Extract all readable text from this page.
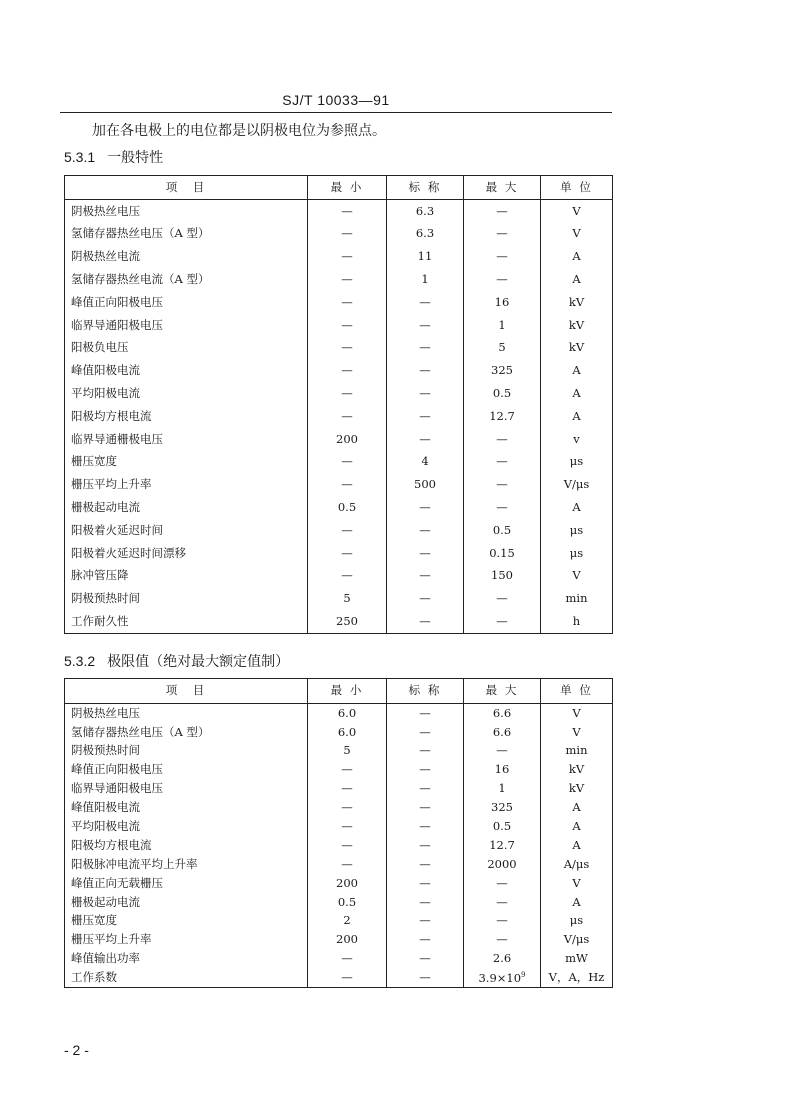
SJ/T 10033—91
加在各电极上的电位都是以阴极电位为参照点。
5.3.1 一般特性
项　目	最 小	标 称	最 大	单 位
阴极热丝电压	—	6.3	—	V
氢储存器热丝电压（A 型）	—	6.3	—	V
阴极热丝电流	—	11	—	A
氢储存器热丝电流（A 型）	—	1	—	A
峰值正向阳极电压	—	—	16	kV
临界导通阳极电压	—	—	1	kV
阳极负电压	—	—	5	kV
峰值阳极电流	—	—	325	A
平均阳极电流	—	—	0.5	A
阳极均方根电流	—	—	12.7	A
临界导通栅极电压	200	—	—	v
栅压宽度	—	4	—	μs
栅压平均上升率	—	500	—	V/μs
栅极起动电流	0.5	—	—	A
阳极着火延迟时间	—	—	0.5	μs
阳极着火延迟时间漂移	—	—	0.15	μs
脉冲管压降	—	—	150	V
阴极预热时间	5	—	—	min
工作耐久性	250	—	—	h
5.3.2 极限值（绝对最大额定值制）
项　目	最 小	标 称	最 大	单 位
阴极热丝电压	6.0	—	6.6	V
氢储存器热丝电压（A 型）	6.0	—	6.6	V
阴极预热时间	5	—	—	min
峰值正向阳极电压	—	—	16	kV
临界导通阳极电压	—	—	1	kV
峰值阳极电流	—	—	325	A
平均阳极电流	—	—	0.5	A
阳极均方根电流	—	—	12.7	A
阳极脉冲电流平均上升率	—	—	2000	A/μs
峰值正向无载栅压	200	—	—	V
栅极起动电流	0.5	—	—	A
栅压宽度	2	—	—	μs
栅压平均上升率	200	—	—	V/μs
峰值输出功率	—	—	2.6	mW
工作系数	—	—	$3.9\times 10^9$	V，A，Hz
- 2 -
